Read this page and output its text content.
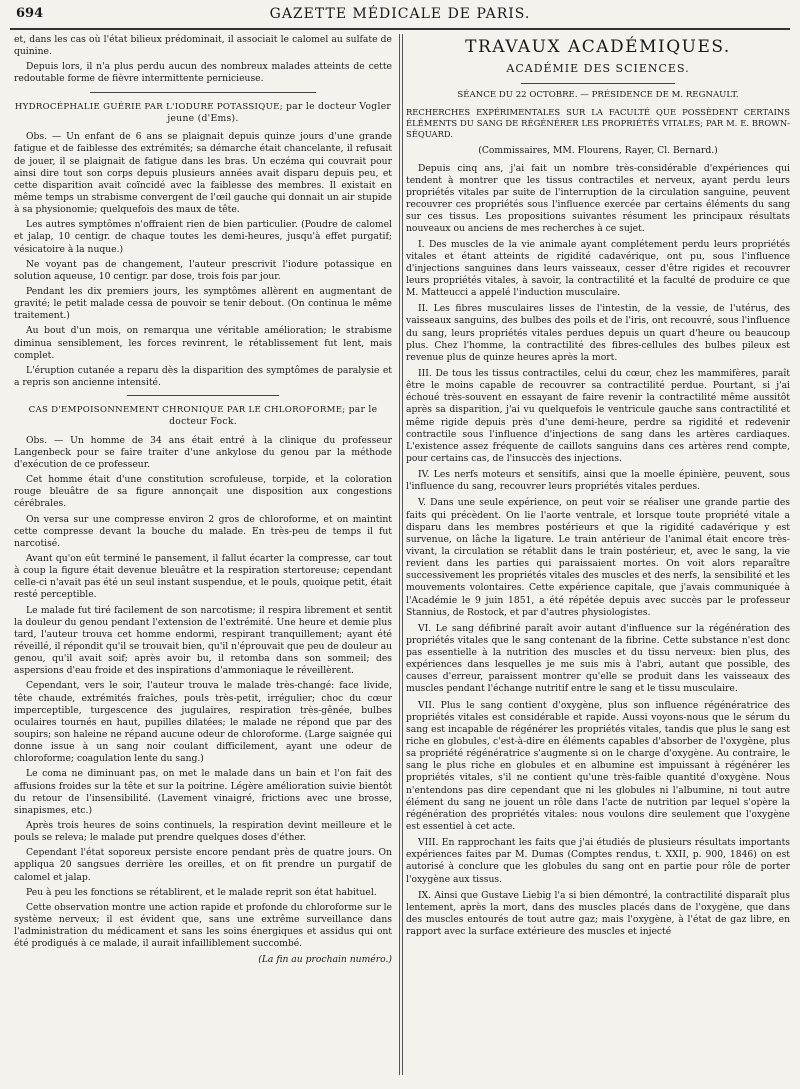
694	GAZETTE MÉDICALE DE PARIS.

et, dans les cas où l'état bilieux prédominait, il associait le calomel au sulfate de quinine.

Depuis lors, il n'a plus perdu aucun des nombreux malades atteints de cette redoutable forme de fièvre intermittente pernicieuse.

HYDROCÉPHALIE GUÉRIE PAR L'IODURE POTASSIQUE; par le docteur Vogler jeune (d'Ems).

Obs. — Un enfant de 6 ans se plaignait depuis quinze jours d'une grande fatigue et de faiblesse des extrémités; sa démarche était chancelante, il refusait de jouer, il se plaignait de fatigue dans les bras. Un eczéma qui couvrait pour ainsi dire tout son corps depuis plusieurs années avait disparu depuis peu, et cette disparition avait coïncidé avec la faiblesse des membres. Il existait en même temps un strabisme convergent de l'œil gauche qui donnait un air stupide à sa physionomie; quelquefois des maux de tête.

Les autres symptômes n'offraient rien de bien particulier. (Poudre de calomel et jalap, 10 centigr. de chaque toutes les demi-heures, jusqu'à effet purgatif; vésicatoire à la nuque.)

Ne voyant pas de changement, l'auteur prescrivit l'iodure potassique en solution aqueuse, 10 centigr. par dose, trois fois par jour.

Pendant les dix premiers jours, les symptômes allèrent en augmentant de gravité; le petit malade cessa de pouvoir se tenir debout. (On continua le même traitement.)

Au bout d'un mois, on remarqua une véritable amélioration; le strabisme diminua sensiblement, les forces revinrent, le rétablissement fut lent, mais complet.

L'éruption cutanée a reparu dès la disparition des symptômes de paralysie et a repris son ancienne intensité.

CAS D'EMPOISONNEMENT CHRONIQUE PAR LE CHLOROFORME; par le docteur Fock.

Obs. — Un homme de 34 ans était entré à la clinique du professeur Langenbeck pour se faire traiter d'une ankylose du genou par la méthode d'exécution de ce professeur.

Cet homme était d'une constitution scrofuleuse, torpide, et la coloration rouge bleuâtre de sa figure annonçait une disposition aux congestions cérébrales.

On versa sur une compresse environ 2 gros de chloroforme, et on maintint cette compresse devant la bouche du malade. En très-peu de temps il fut narcotisé.

Avant qu'on eût terminé le pansement, il fallut écarter la compresse, car tout à coup la figure était devenue bleuâtre et la respiration stertoreuse; cependant celle-ci n'avait pas été un seul instant suspendue, et le pouls, quoique petit, était resté perceptible.

Le malade fut tiré facilement de son narcotisme; il respira librement et sentit la douleur du genou pendant l'extension de l'extrémité. Une heure et demie plus tard, l'auteur trouva cet homme endormi, respirant tranquillement; ayant été réveillé, il répondit qu'il se trouvait bien, qu'il n'éprouvait que peu de douleur au genou, qu'il avait soif; après avoir bu, il retomba dans son sommeil; des aspersions d'eau froide et des inspirations d'ammoniaque le réveillèrent.

Cependant, vers le soir, l'auteur trouva le malade très-changé: face livide, tête chaude, extrémités fraîches, pouls très-petit, irrégulier; choc du cœur imperceptible, turgescence des jugulaires, respiration très-gênée, bulbes oculaires tournés en haut, pupilles dilatées; le malade ne répond que par des soupirs; son haleine ne répand aucune odeur de chloroforme. (Large saignée qui donne issue à un sang noir coulant difficilement, ayant une odeur de chloroforme; coagulation lente du sang.)

Le coma ne diminuant pas, on met le malade dans un bain et l'on fait des affusions froides sur la tête et sur la poitrine. Légère amélioration suivie bientôt du retour de l'insensibilité. (Lavement vinaigré, frictions avec une brosse, sinapismes, etc.)

Après trois heures de soins continuels, la respiration devint meilleure et le pouls se releva; le malade put prendre quelques doses d'éther.

Cependant l'état soporeux persiste encore pendant près de quatre jours. On appliqua 20 sangsues derrière les oreilles, et on fit prendre un purgatif de calomel et jalap.

Peu à peu les fonctions se rétablirent, et le malade reprit son état habituel.

Cette observation montre une action rapide et profonde du chloroforme sur le système nerveux; il est évident que, sans une extrême surveillance dans l'administration du médicament et sans les soins énergiques et assidus qui ont été prodigués à ce malade, il aurait infailliblement succombé.

(La fin au prochain numéro.)
TRAVAUX ACADÉMIQUES.
ACADÉMIE DES SCIENCES.
SÉANCE DU 22 OCTOBRE. — PRÉSIDENCE DE M. REGNAULT.
RECHERCHES EXPÉRIMENTALES SUR LA FACULTÉ QUE POSSÈDENT CERTAINS ÉLÉMENTS DU SANG DE RÉGÉNÉRER LES PROPRIÉTÉS VITALES; PAR M. E. BROWN-SÉQUARD.
(Commissaires, MM. Flourens, Rayer, Cl. Bernard.)

Depuis cinq ans, j'ai fait un nombre très-considérable d'expériences qui tendent à montrer que les tissus contractiles et nerveux, ayant perdu leurs propriétés vitales par suite de l'interruption de la circulation sanguine, peuvent recouvrer ces propriétés sous l'influence exercée par certains éléments du sang sur ces tissus. Les propositions suivantes résument les principaux résultats nouveaux ou anciens de mes recherches à ce sujet.

I. Des muscles de la vie animale ayant complétement perdu leurs propriétés vitales et étant atteints de rigidité cadavérique, ont pu, sous l'influence d'injections sanguines dans leurs vaisseaux, cesser d'être rigides et recouvrer leurs propriétés vitales, à savoir, la contractilité et la faculté de produire ce que M. Matteucci a appelé l'induction musculaire.

II. Les fibres musculaires lisses de l'intestin, de la vessie, de l'utérus, des vaisseaux sanguins, des bulbes des poils et de l'iris, ont recouvré, sous l'influence du sang, leurs propriétés vitales perdues depuis un quart d'heure ou beaucoup plus. Chez l'homme, la contractilité des fibres-cellules des bulbes pileux est revenue plus de quinze heures après la mort.

III. De tous les tissus contractiles, celui du cœur, chez les mammifères, paraît être le moins capable de recouvrer sa contractilité perdue. Pourtant, si j'ai échoué très-souvent en essayant de faire revenir la contractilité même aussitôt après sa disparition, j'ai vu quelquefois le ventricule gauche sans contractilité et même rigide depuis près d'une demi-heure, perdre sa rigidité et redevenir contractile sous l'influence d'injections de sang dans les artères cardiaques. L'existence assez fréquente de caillots sanguins dans ces artères rend compte, pour certains cas, de l'insuccès des injections.

IV. Les nerfs moteurs et sensitifs, ainsi que la moelle épinière, peuvent, sous l'influence du sang, recouvrer leurs propriétés vitales perdues.

V. Dans une seule expérience, on peut voir se réaliser une grande partie des faits qui précèdent. On lie l'aorte ventrale, et lorsque toute propriété vitale a disparu dans les membres postérieurs et que la rigidité cadavérique y est survenue, on lâche la ligature. Le train antérieur de l'animal était encore très-vivant, la circulation se rétablit dans le train postérieur, et, avec le sang, la vie revient dans les parties qui paraissaient mortes. On voit alors reparaître successivement les propriétés vitales des muscles et des nerfs, la sensibilité et les mouvements volontaires. Cette expérience capitale, que j'avais communiquée à l'Académie le 9 juin 1851, a été répétée depuis avec succès par le professeur Stannius, de Rostock, et par d'autres physiologistes.

VI. Le sang défibriné paraît avoir autant d'influence sur la régénération des propriétés vitales que le sang contenant de la fibrine. Cette substance n'est donc pas essentielle à la nutrition des muscles et du tissu nerveux: bien plus, des expériences dans lesquelles je me suis mis à l'abri, autant que possible, des causes d'erreur, paraissent montrer qu'elle se produit dans les vaisseaux des muscles pendant l'échange nutritif entre le sang et le tissu musculaire.

VII. Plus le sang contient d'oxygène, plus son influence régénératrice des propriétés vitales est considérable et rapide. Aussi voyons-nous que le sérum du sang est incapable de régénérer les propriétés vitales, tandis que plus le sang est riche en globules, c'est-à-dire en éléments capables d'absorber de l'oxygène, plus sa propriété régénératrice s'augmente si on le charge d'oxygène. Au contraire, le sang le plus riche en globules et en albumine est impuissant à régénérer les propriétés vitales, s'il ne contient qu'une très-faible quantité d'oxygène. Nous n'entendons pas dire cependant que ni les globules ni l'albumine, ni tout autre élément du sang ne jouent un rôle dans l'acte de nutrition par lequel s'opère la régénération des propriétés vitales: nous voulons dire seulement que l'oxygène est essentiel à cet acte.

VIII. En rapprochant les faits que j'ai étudiés de plusieurs résultats importants expériences faites par M. Dumas (Comptes rendus, t. XXII, p. 900, 1846) on est autorisé à conclure que les globules du sang ont en partie pour rôle de porter l'oxygène aux tissus.

IX. Ainsi que Gustave Liebig l'a si bien démontré, la contractilité disparaît plus lentement, après la mort, dans des muscles placés dans de l'oxygène, que dans des muscles entourés de tout autre gaz; mais l'oxygène, à l'état de gaz libre, en rapport avec la surface extérieure des muscles et injecté
